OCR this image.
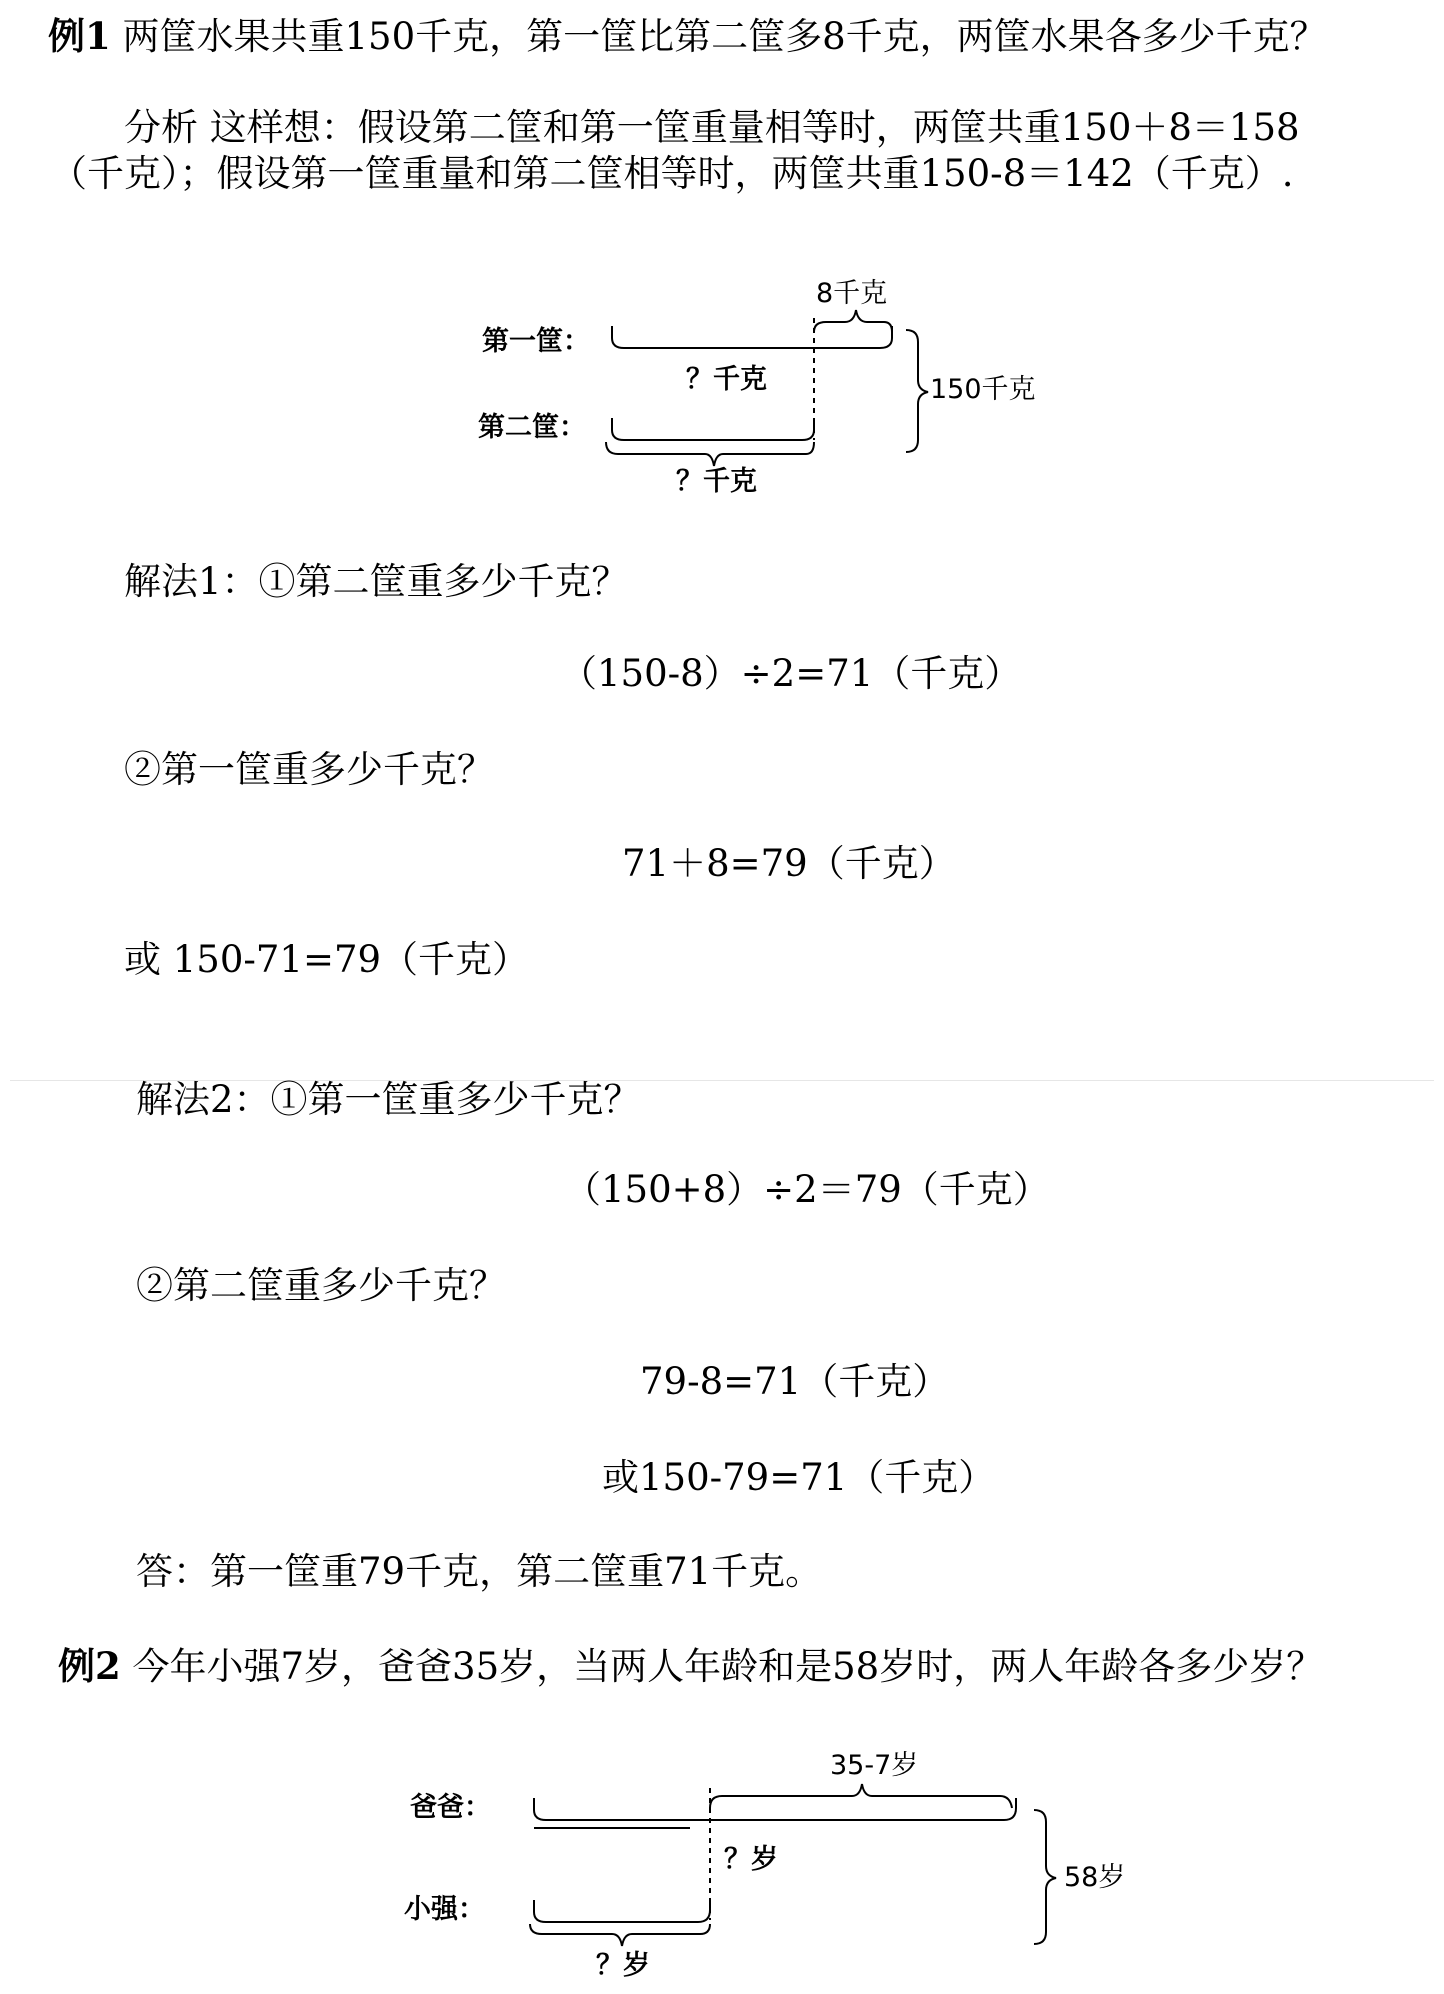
例1 两筐水果共重150千克，第一筐比第二筐多8千克，两筐水果各多少千克？
分析 这样想：假设第二筐和第一筐重量相等时，两筐共重150＋8＝158
（千克）；假设第一筐重量和第二筐相等时，两筐共重150-8＝142（千克）.
第一筐：
第二筐：
8千克
150千克
？千克
？千克
解法1：①第二筐重多少千克？
（150-8）÷2=71（千克）
②第一筐重多少千克？
71＋8=79（千克）
或 150-71=79（千克）
解法2：①第一筐重多少千克？
（150+8）÷2＝79（千克）
②第二筐重多少千克？
79-8=71（千克）
或150-79=71（千克）
答：第一筐重79千克，第二筐重71千克。
例2 今年小强7岁，爸爸35岁，当两人年龄和是58岁时，两人年龄各多少岁？
爸爸：
小强：
35-7岁
58岁
？岁
？岁
